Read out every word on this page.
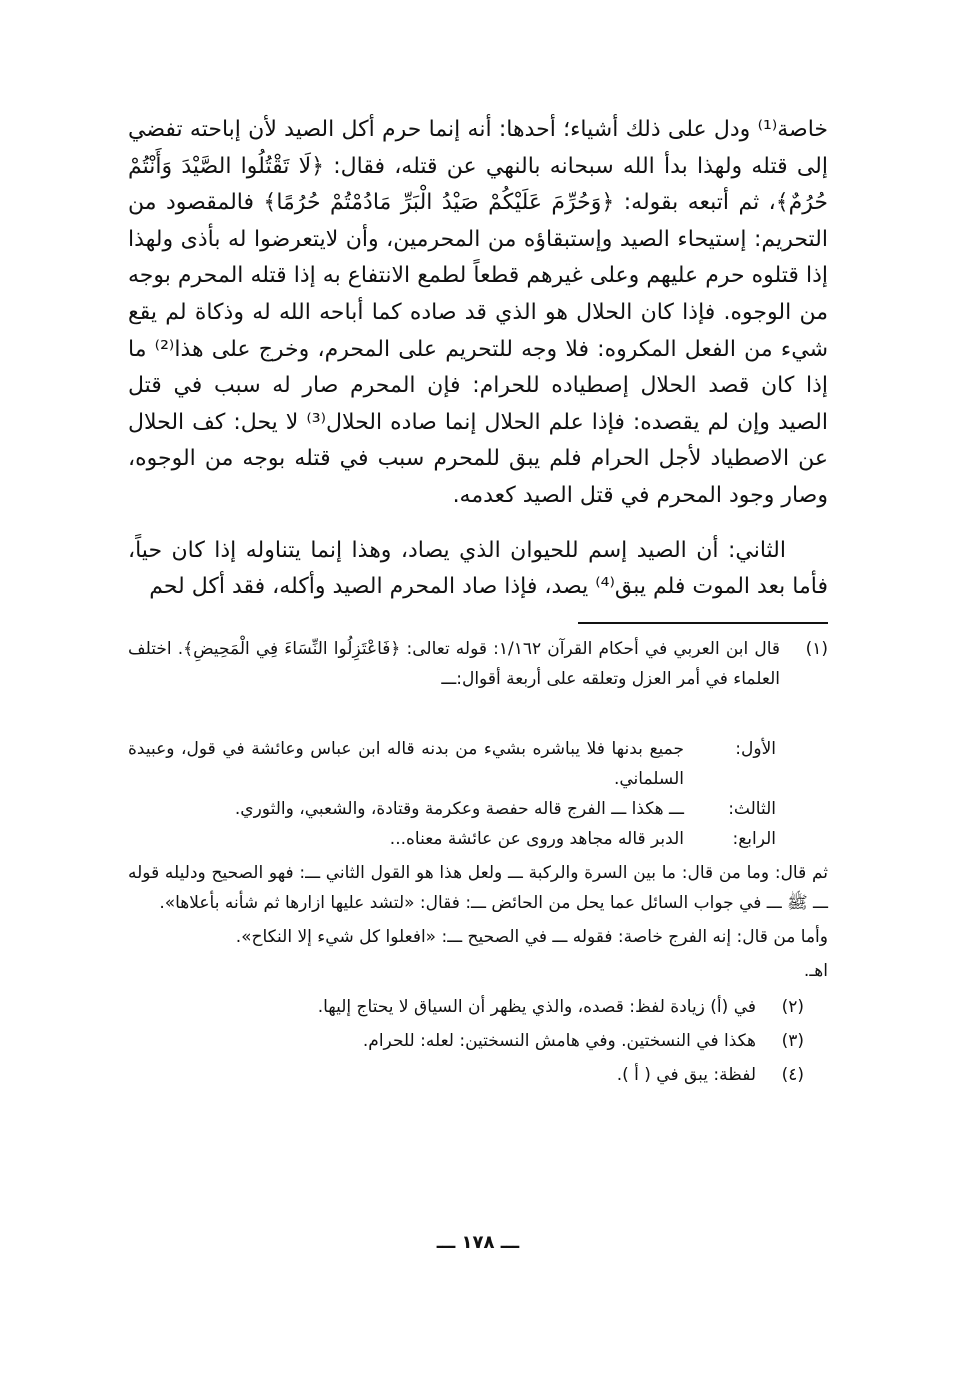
خاصة⁽¹⁾ ودل على ذلك أشياء؛ أحدها: أنه إنما حرم أكل الصيد لأن إباحته تفضي إلى قتله ولهذا بدأ الله سبحانه بالنهي عن قتله، فقال: ﴿لَا تَقْتُلُوا الصَّيْدَ وَأَنْتُمْ حُرُمٌ﴾، ثم أتبعه بقوله: ﴿وَحُرِّمَ عَلَيْكُمْ صَيْدُ الْبَرِّ مَادُمْتُمْ حُرُمًا﴾ فالمقصود من التحريم: إستيحاء الصيد وإستبقاؤه من المحرمين، وأن لايتعرضوا له بأذى ولهذا إذا قتلوه حرم عليهم وعلى غيرهم قطعاً لطمع الانتفاع به إذا قتله المحرم بوجه من الوجوه. فإذا كان الحلال هو الذي قد صاده كما أباحه الله له وذكاة لم يقع شيء من الفعل المكروه: فلا وجه للتحريم على المحرم، وخرج على هذا⁽²⁾ ما إذا كان قصد الحلال إصطياده للحرام: فإن المحرم صار له سبب في قتل الصيد وإن لم يقصده: فإذا علم الحلال إنما صاده الحلال⁽³⁾ لا يحل: كف الحلال عن الاصطياد لأجل الحرام فلم يبق للمحرم سبب في قتله بوجه من الوجوه، وصار وجود المحرم في قتل الصيد كعدمه.

الثاني: أن الصيد إسم للحيوان الذي يصاد، وهذا إنما يتناوله إذا كان حياً، فأما بعد الموت فلم يبق⁽⁴⁾ يصد، فإذا صاد المحرم الصيد وأكله، فقد أكل لحم

(١)
قال ابن العربي في أحكام القرآن ١/١٦٢: قوله تعالى: ﴿فَاعْتَزِلُوا النِّسَاءَ فِي الْمَحِيضِ﴾. اختلف العلماء في أمر العزل وتعلقه على أربعة أقوال:ـــ
الأول:
جميع بدنها فلا يباشره بشيء من بدنه قاله ابن عباس وعائشة في قول، وعبيدة السلماني.
الثالث:
ـــ هكذا ـــ الفرج قاله حفصة وعكرمة وقتادة، والشعبي، والثوري.
الرابع:
الدبر قاله مجاهد وروى عن عائشة معناه...

ثم قال: وما من قال: ما بين السرة والركبة ـــ ولعل هذا هو القول الثاني ـــ: فهو الصحيح ودليله قوله ـــ ﷺ ـــ في جواب السائل عما يحل من الحائض ـــ: فقال: «لتشد عليها ازارها ثم شأنه بأعلاها».

وأما من قال: إنه الفرج خاصة: فقوله ـــ في الصحيح ـــ: «افعلوا كل شيء إلا النكاح».

اهـ.

(٢)
في (أ) زيادة لفظ: قصده، والذي يظهر أن السياق لا يحتاج إليها.
(٣)
هكذا في النسختين. وفي هامش النسختين: لعله: للحرام.
(٤)
لفظة: يبق في ( أ ).
ـــ ١٧٨ ـــ
